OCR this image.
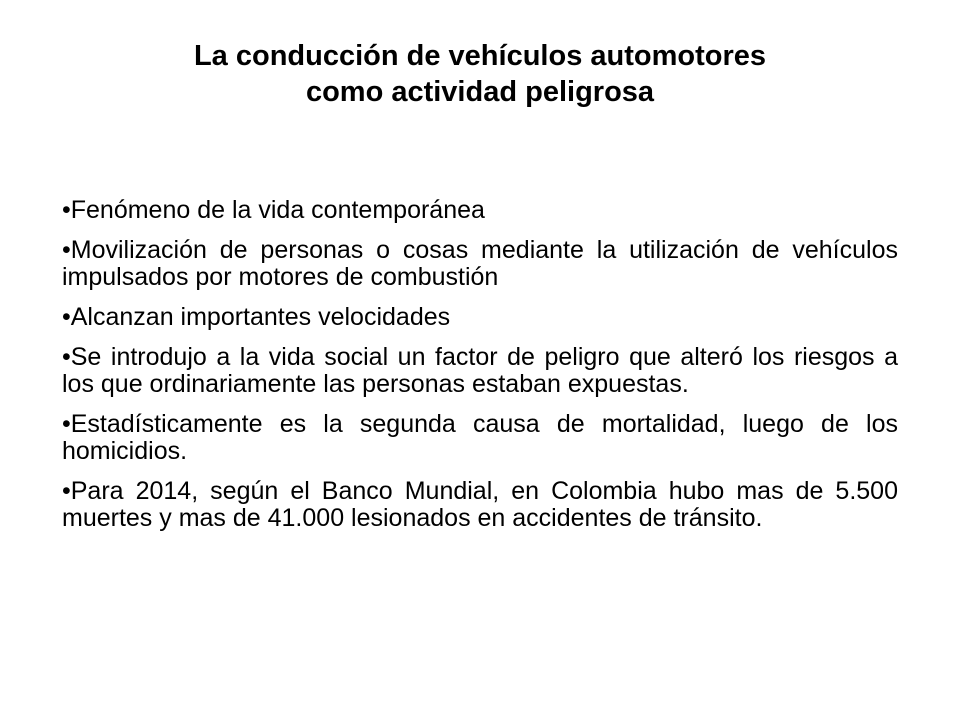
La conducción de vehículos automotores
como actividad peligrosa
•Fenómeno de la vida contemporánea
•Movilización de personas o cosas mediante la utilización de vehículos impulsados por motores de combustión
•Alcanzan importantes velocidades
•Se introdujo a la vida social un factor de peligro que alteró los riesgos a los que ordinariamente las personas estaban expuestas.
•Estadísticamente es la segunda causa de mortalidad, luego de los homicidios.
•Para 2014, según el Banco Mundial, en Colombia hubo mas de 5.500 muertes y mas de 41.000 lesionados en accidentes de tránsito.
